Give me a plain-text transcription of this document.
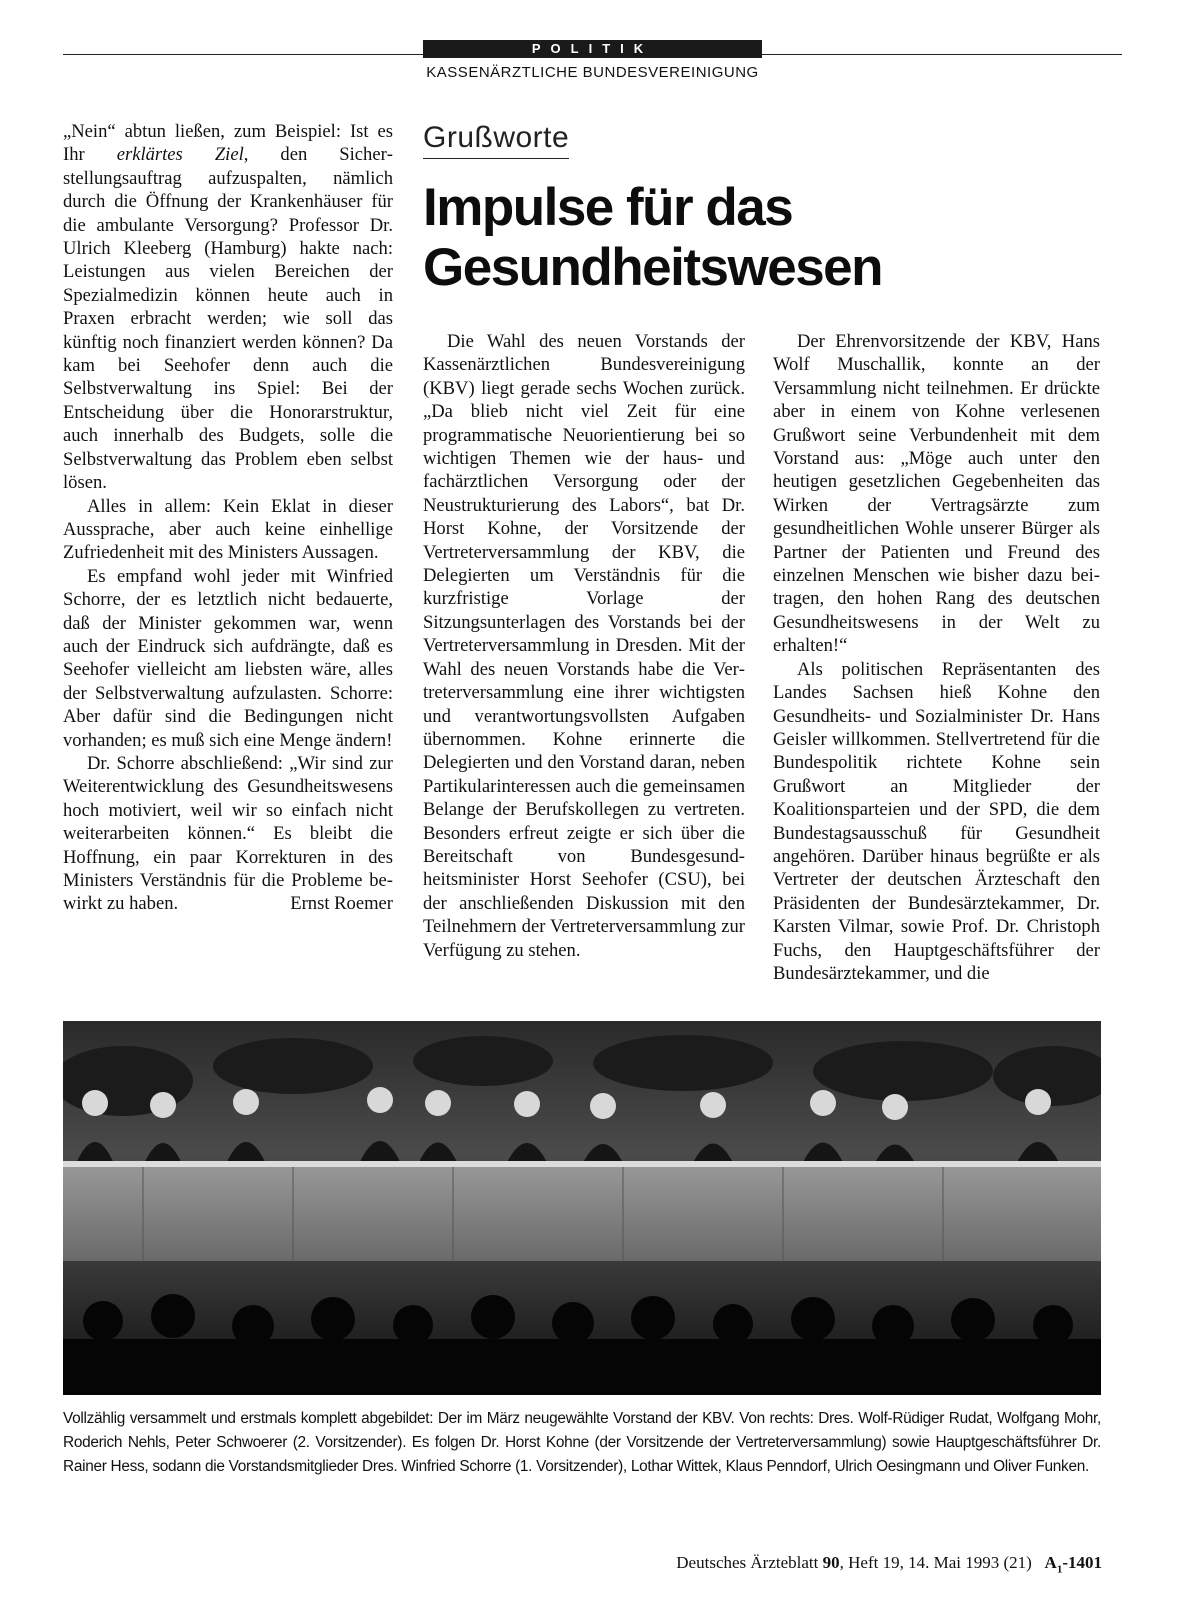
POLITIK
KASSENÄRZTLICHE BUNDESVEREINIGUNG

„Nein“ abtun ließen, zum Beispiel: Ist es Ihr erklärtes Ziel, den Sicherstellungsauftrag aufzuspalten, nämlich durch die Öffnung der Krankenhäuser für die ambulante Versorgung? Professor Dr. Ulrich Kleeberg (Hamburg) hakte nach: Leistungen aus vielen Bereichen der Spezialmedizin können heute auch in Praxen erbracht werden; wie soll das künftig noch finanziert werden können? Da kam bei Seehofer denn auch die Selbstverwaltung ins Spiel: Bei der Entscheidung über die Honorarstruktur, auch innerhalb des Budgets, solle die Selbstverwaltung das Problem eben selbst lösen.

Alles in allem: Kein Eklat in dieser Aussprache, aber auch keine einhellige Zufriedenheit mit des Ministers Aussagen.

Es empfand wohl jeder mit Winfried Schorre, der es letztlich nicht bedauerte, daß der Minister gekommen war, wenn auch der Eindruck sich aufdrängte, daß es Seehofer vielleicht am liebsten wäre, alles der Selbstverwaltung aufzulasten. Schorre: Aber dafür sind die Bedingungen nicht vorhanden; es muß sich eine Menge ändern!

Dr. Schorre abschließend: „Wir sind zur Weiterentwicklung des Gesundheitswesens hoch motiviert, weil wir so einfach nicht weiterarbeiten können.“ Es bleibt die Hoffnung, ein paar Korrekturen in des Ministers Verständnis für die Probleme bewirkt zu haben.	Ernst Roemer

Grußworte
Impulse für das Gesundheitswesen

Die Wahl des neuen Vorstands der Kassenärztlichen Bundesvereinigung (KBV) liegt gerade sechs Wochen zurück. „Da blieb nicht viel Zeit für eine programmatische Neuorientierung bei so wichtigen Themen wie der haus- und fachärztlichen Versorgung oder der Neustrukturierung des Labors“, bat Dr. Horst Kohne, der Vorsitzende der Vertreterversammlung der KBV, die Delegierten um Verständnis für die kurzfristige Vorlage der Sitzungsunterlagen des Vorstands bei der Vertreterversammlung in Dresden. Mit der Wahl des neuen Vorstands habe die Vertreterversammlung eine ihrer wichtigsten und verantwortungsvollsten Aufgaben übernommen. Kohne erinnerte die Delegierten und den Vorstand daran, neben Partikularinteressen auch die gemeinsamen Belange der Berufskollegen zu vertreten. Besonders erfreut zeigte er sich über die Bereitschaft von Bundesgesundheitsminister Horst Seehofer (CSU), bei der anschließenden Diskussion mit den Teilnehmern der Vertreterversammlung zur Verfügung zu stehen.

Der Ehrenvorsitzende der KBV, Hans Wolf Muschallik, konnte an der Versammlung nicht teilnehmen. Er drückte aber in einem von Kohne verlesenen Grußwort seine Verbundenheit mit dem Vorstand aus: „Möge auch unter den heutigen gesetzlichen Gegebenheiten das Wirken der Vertragsärzte zum gesundheitlichen Wohle unserer Bürger als Partner der Patienten und Freund des einzelnen Menschen wie bisher dazu beitragen, den hohen Rang des deutschen Gesundheitswesens in der Welt zu erhalten!“

Als politischen Repräsentanten des Landes Sachsen hieß Kohne den Gesundheits- und Sozialminister Dr. Hans Geisler willkommen. Stellvertretend für die Bundespolitik richtete Kohne sein Grußwort an Mitglieder der Koalitionsparteien und der SPD, die dem Bundestagsausschuß für Gesundheit angehören. Darüber hinaus begrüßte er als Vertreter der deutschen Ärzteschaft den Präsidenten der Bundesärztekammer, Dr. Karsten Vilmar, sowie Prof. Dr. Christoph Fuchs, den Hauptgeschäftsführer der Bundesärztekammer, und die

Vollzählig versammelt und erstmals komplett abgebildet: Der im März neugewählte Vorstand der KBV. Von rechts: Dres. Wolf-Rüdiger Rudat, Wolfgang Mohr, Roderich Nehls, Peter Schwoerer (2. Vorsitzender). Es folgen Dr. Horst Kohne (der Vorsitzende der Vertreterversammlung) sowie Hauptgeschäftsführer Dr. Rainer Hess, sodann die Vorstandsmitglieder Dres. Winfried Schorre (1. Vorsitzender), Lothar Wittek, Klaus Penndorf, Ulrich Oesingmann und Oliver Funken.

Deutsches Ärzteblatt 90, Heft 19, 14. Mai 1993 (21) $A_1-1401$
